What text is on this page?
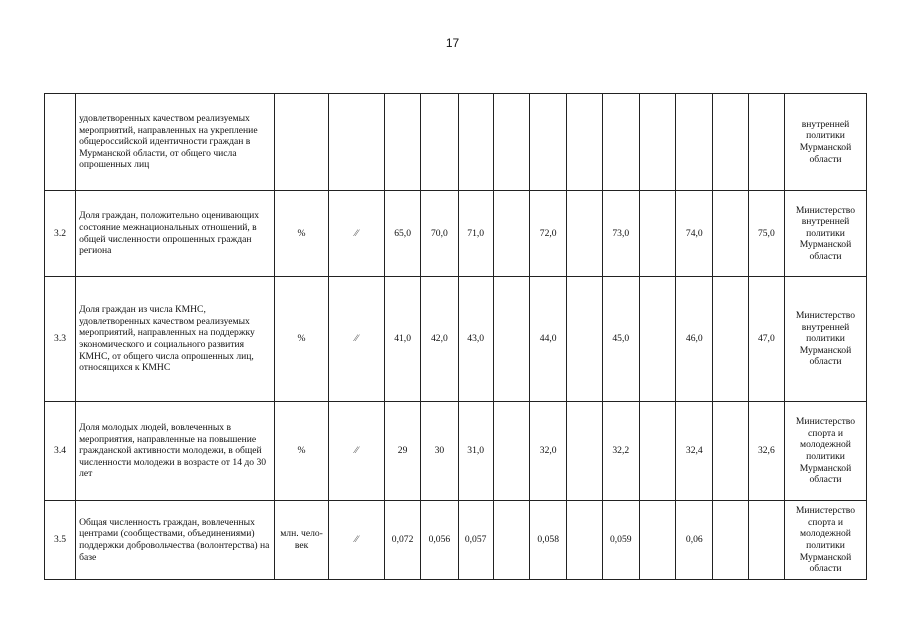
17
	удовлетворенных качеством реализуемых мероприятий, направленных на укрепление общероссийской идентичности граждан в Мурманской области, от общего числа опрошенных лиц														внутренней политики Мурманской области
3.2	Доля граждан, положительно оценивающих состояние межнациональных отношений, в общей численности опрошенных граждан региона	%	⁄⁄	65,0	70,0	71,0		72,0		73,0		74,0		75,0	Министерство внутренней политики Мурманской области
3.3	Доля граждан из числа КМНС, удовлетворенных качеством реализуемых мероприятий, направленных на поддержку экономического и социального развития КМНС, от общего числа опрошенных лиц, относящихся к КМНС	%	⁄⁄	41,0	42,0	43,0		44,0		45,0		46,0		47,0	Министерство внутренней политики Мурманской области
3.4	Доля молодых людей, вовлеченных в мероприятия, направленные на повышение гражданской активности молодежи, в общей численности молодежи в возрасте от 14 до 30 лет	%	⁄⁄	29	30	31,0		32,0		32,2		32,4		32,6	Министерство спорта и молодежной политики Мурманской области
3.5	Общая численность граждан, вовлеченных центрами (сообществами, объединениями) поддержки добровольчества (волонтерства) на базе	млн. чело-век	⁄⁄	0,072	0,056	0,057		0,058		0,059		0,06			Министерство спорта и молодежной политики Мурманской области
